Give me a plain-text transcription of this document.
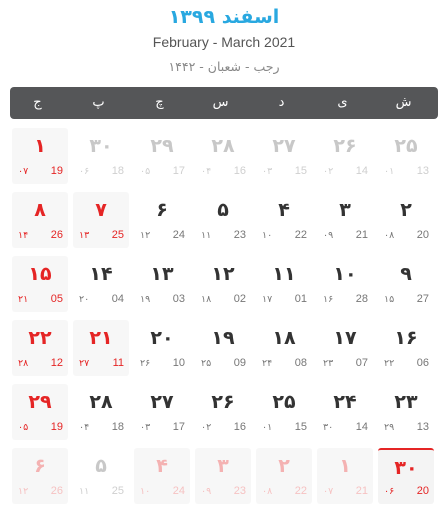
اسفند ۱۳۹۹
February - March 2021
رجب - شعبان - ۱۴۴۲
ش
ی
د
س
چ
پ
ج
۲۵
13
۰۱
۲۶
14
۰۲
۲۷
15
۰۳
۲۸
16
۰۴
۲۹
17
۰۵
۳۰
18
۰۶
۱
19
۰۷
۲
20
۰۸
۳
21
۰۹
۴
22
۱۰
۵
23
۱۱
۶
24
۱۲
۷
25
۱۳
۸
26
۱۴
۹
27
۱۵
۱۰
28
۱۶
۱۱
01
۱۷
۱۲
02
۱۸
۱۳
03
۱۹
۱۴
04
۲۰
۱۵
05
۲۱
۱۶
06
۲۲
۱۷
07
۲۳
۱۸
08
۲۴
۱۹
09
۲۵
۲۰
10
۲۶
۲۱
11
۲۷
۲۲
12
۲۸
۲۳
13
۲۹
۲۴
14
۳۰
۲۵
15
۰۱
۲۶
16
۰۲
۲۷
17
۰۳
۲۸
18
۰۴
۲۹
19
۰۵
۳۰
20
۰۶
۱
21
۰۷
۲
22
۰۸
۳
23
۰۹
۴
24
۱۰
۵
25
۱۱
۶
26
۱۲
